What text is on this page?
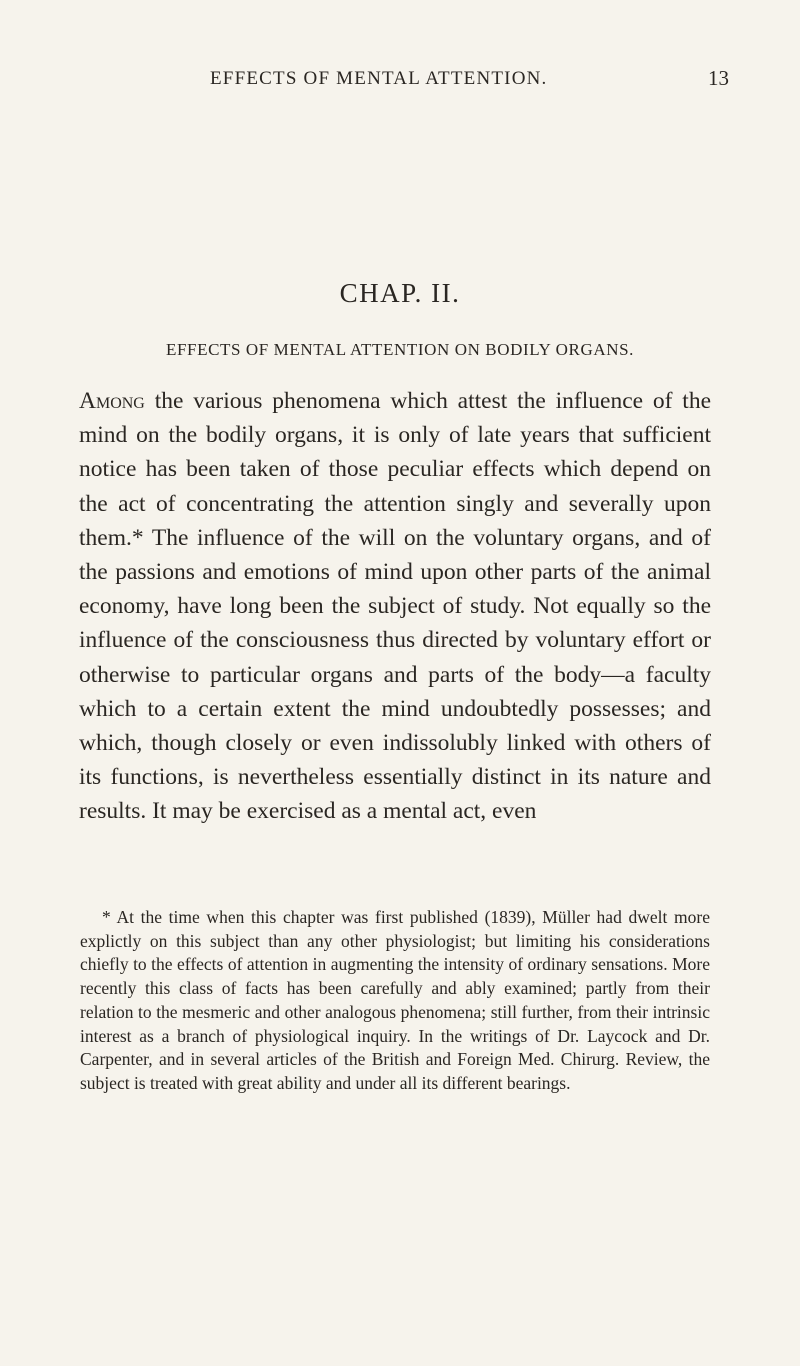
EFFECTS OF MENTAL ATTENTION.	13
CHAP. II.
EFFECTS OF MENTAL ATTENTION ON BODILY ORGANS.

Among the various phenomena which attest the influence of the mind on the bodily organs, it is only of late years that sufficient notice has been taken of those peculiar effects which depend on the act of concentrating the attention singly and severally upon them.* The influence of the will on the voluntary organs, and of the passions and emotions of mind upon other parts of the animal economy, have long been the subject of study. Not equally so the influence of the consciousness thus directed by voluntary effort or otherwise to particular organs and parts of the body—a faculty which to a certain extent the mind undoubtedly possesses; and which, though closely or even indissolubly linked with others of its functions, is nevertheless essentially distinct in its nature and results. It may be exercised as a mental act, even

* At the time when this chapter was first published (1839), Müller had dwelt more explictly on this subject than any other physiologist; but limiting his considerations chiefly to the effects of attention in augmenting the intensity of ordinary sensations. More recently this class of facts has been carefully and ably examined; partly from their relation to the mesmeric and other analogous phenomena; still further, from their intrinsic interest as a branch of physiological inquiry. In the writings of Dr. Laycock and Dr. Carpenter, and in several articles of the British and Foreign Med. Chirurg. Review, the subject is treated with great ability and under all its different bearings.
